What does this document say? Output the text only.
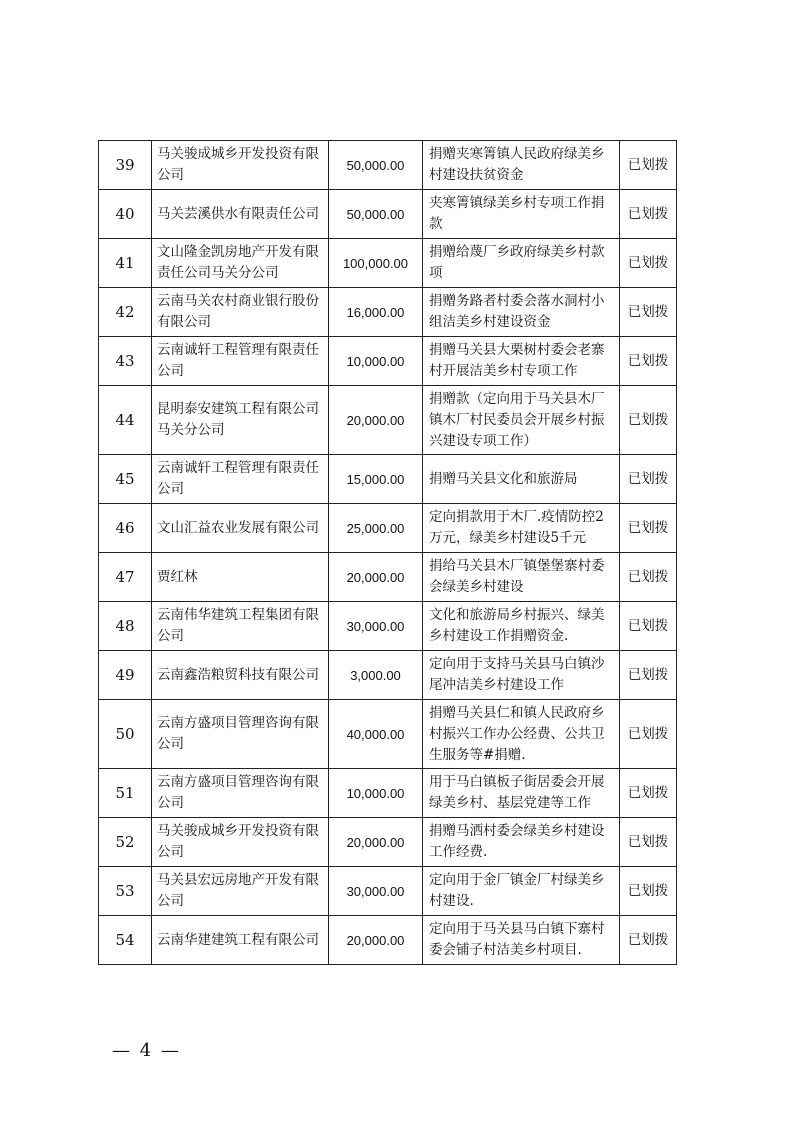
39	马关骏成城乡开发投资有限公司	50,000.00	捐赠夹寒箐镇人民政府绿美乡村建设扶贫资金	已划拨
40	马关芸溪供水有限责任公司	50,000.00	夹寒箐镇绿美乡村专项工作捐款	已划拨
41	文山隆金凯房地产开发有限责任公司马关分公司	100,000.00	捐赠给蔑厂乡政府绿美乡村款项	已划拨
42	云南马关农村商业银行股份有限公司	16,000.00	捐赠务路者村委会落水洞村小组洁美乡村建设资金	已划拨
43	云南诚轩工程管理有限责任公司	10,000.00	捐赠马关县大栗树村委会老寨村开展洁美乡村专项工作	已划拨
44	昆明泰安建筑工程有限公司马关分公司	20,000.00	捐赠款（定向用于马关县木厂镇木厂村民委员会开展乡村振兴建设专项工作）	已划拨
45	云南诚轩工程管理有限责任公司	15,000.00	捐赠马关县文化和旅游局	已划拨
46	文山汇益农业发展有限公司	25,000.00	定向捐款用于木厂.疫情防控2万元，绿美乡村建设5千元	已划拨
47	贾红林	20,000.00	捐给马关县木厂镇堡堡寨村委会绿美乡村建设	已划拨
48	云南伟华建筑工程集团有限公司	30,000.00	文化和旅游局乡村振兴、绿美乡村建设工作捐赠资金.	已划拨
49	云南鑫浩粮贸科技有限公司	3,000.00	定向用于支持马关县马白镇沙尾冲洁美乡村建设工作	已划拨
50	云南方盛项目管理咨询有限公司	40,000.00	捐赠马关县仁和镇人民政府乡村振兴工作办公经费、公共卫生服务等#捐赠.	已划拨
51	云南方盛项目管理咨询有限公司	10,000.00	用于马白镇板子街居委会开展绿美乡村、基层党建等工作	已划拨
52	马关骏成城乡开发投资有限公司	20,000.00	捐赠马洒村委会绿美乡村建设工作经费.	已划拨
53	马关县宏远房地产开发有限公司	30,000.00	定向用于金厂镇金厂村绿美乡村建设.	已划拨
54	云南华建建筑工程有限公司	20,000.00	定向用于马关县马白镇下寨村委会铺子村洁美乡村项目.	已划拨
— 4 —
